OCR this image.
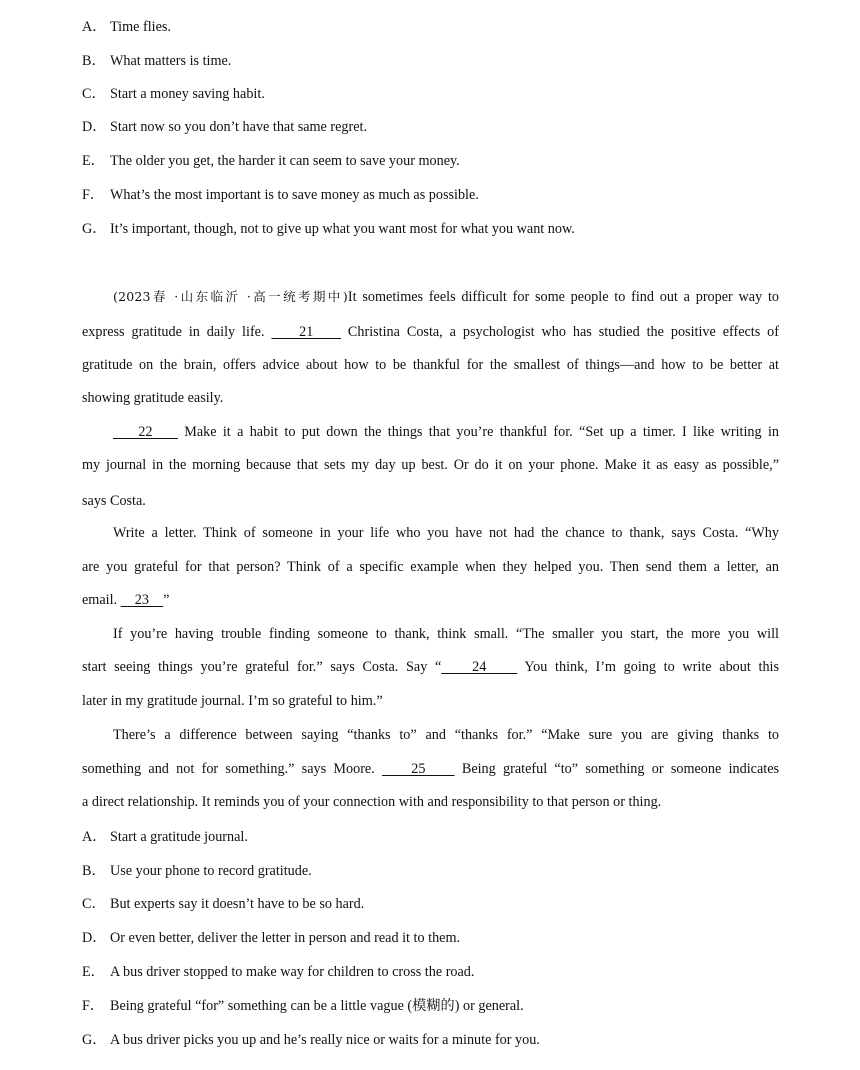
A． Time flies.
B． What matters is time.
C． Start a money saving habit.
D． Start now so you don’t have that same regret.
E． The older you get, the harder it can seem to save your money.
F． What’s the most important is to save money as much as possible.
G． It’s important, though, not to give up what you want most for what you want now.
(2023春 ·山东临沂 ·高一统考期中)It sometimes feels difficult for some people to find out a proper way to
express gratitude in daily life.     21     Christina Costa, a psychologist who has studied the positive effects of
gratitude on the brain, offers advice about how to be thankful for the smallest of things—and how to be better at
showing gratitude easily.
22     Make it a habit to put down the things that you’re thankful for. “Set up a timer. I like writing in
my journal in the morning because that sets my day up best. Or do it on your phone. Make it as easy as possible,”
says Costa.
Write a letter. Think of someone in your life who you have not had the chance to thank, says Costa. “Why
are you grateful for that person? Think of a specific example when they helped you. Then send them a letter, an
email.     23    ”
If you’re having trouble finding someone to thank, think small. “The smaller you start, the more you will
start seeing things you’re grateful for.” says Costa. Say “    24     You think, I’m going to write about this
later in my gratitude journal. I’m so grateful to him.”
There’s a difference between saying “thanks to” and “thanks for.” “Make sure you are giving thanks to
something and not for something.” says Moore.     25     Being grateful “to” something or someone indicates
a direct relationship. It reminds you of your connection with and responsibility to that person or thing.
A． Start a gratitude journal.
B． Use your phone to record gratitude.
C． But experts say it doesn’t have to be so hard.
D． Or even better, deliver the letter in person and read it to them.
E． A bus driver stopped to make way for children to cross the road.
F． Being grateful “for” something can be a little vague (模糊的) or general.
G． A bus driver picks you up and he’s really nice or waits for a minute for you.
